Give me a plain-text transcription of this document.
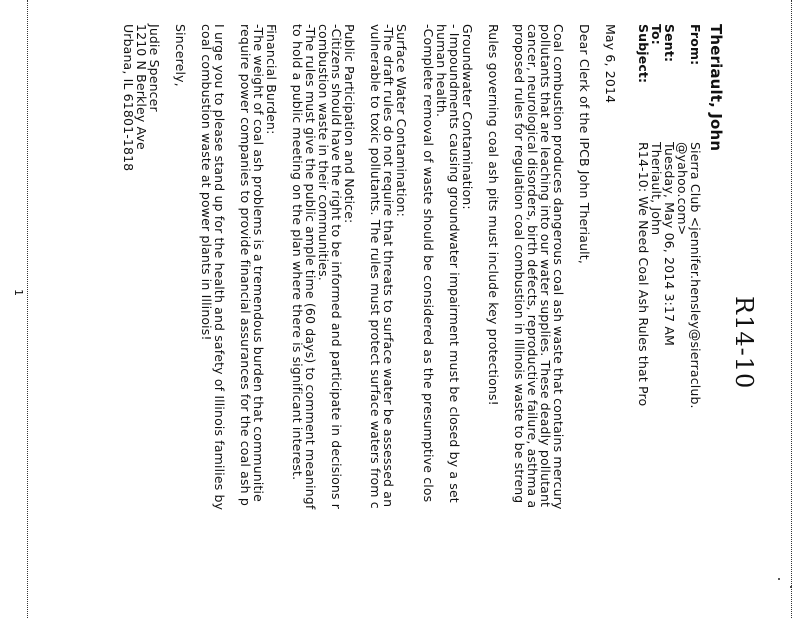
R14-10
Theriault, John
From:
Sierra Club <jennifer.hensley@sierraclub.
@yahoo.com>
Sent:
Tuesday, May 06, 2014 3:17 AM
To:
Theriault, John
Subject:
R14-10: We Need Coal Ash Rules that Pro
May 6, 2014
Dear Clerk of the IPCB John Theriault,
Coal combustion produces dangerous coal ash waste that contains mercury
pollutants that are leaching into our water supplies. These deadly pollutant
cancer, neurological disorders, birth defects, reproductive failure, asthma a
proposed rules for regulation coal combustion in Illinois waste to be streng
Rules governing coal ash pits must include key protections!
Groundwater Contamination:
- Impoundments causing groundwater impairment must be closed by a set
human health.
-Complete removal of waste should be considered as the presumptive clos
Surface Water Contamination:
-The draft rules do not require that threats to surface water be assessed an
vulnerable to toxic pollutants. The rules must protect surface waters from c
Public Participation and Notice:
-Citizens should have the right to be informed and participate in decisions r
combustion waste in their communities.
-The rules must give the public ample time (60 days) to comment meaningf
to hold a public meeting on the plan where there is significant interest.
Financial Burden:
-The weight of coal ash problems is a tremendous burden that communitie
require power companies to provide financial assurances for the coal ash p
I urge you to please stand up for the health and safety of Illinois families by
coal combustion waste at power plants in Illinois!
Sincerely,
Judie Spencer
1210 N Berkley Ave
Urbana, IL 61801-1818
1
